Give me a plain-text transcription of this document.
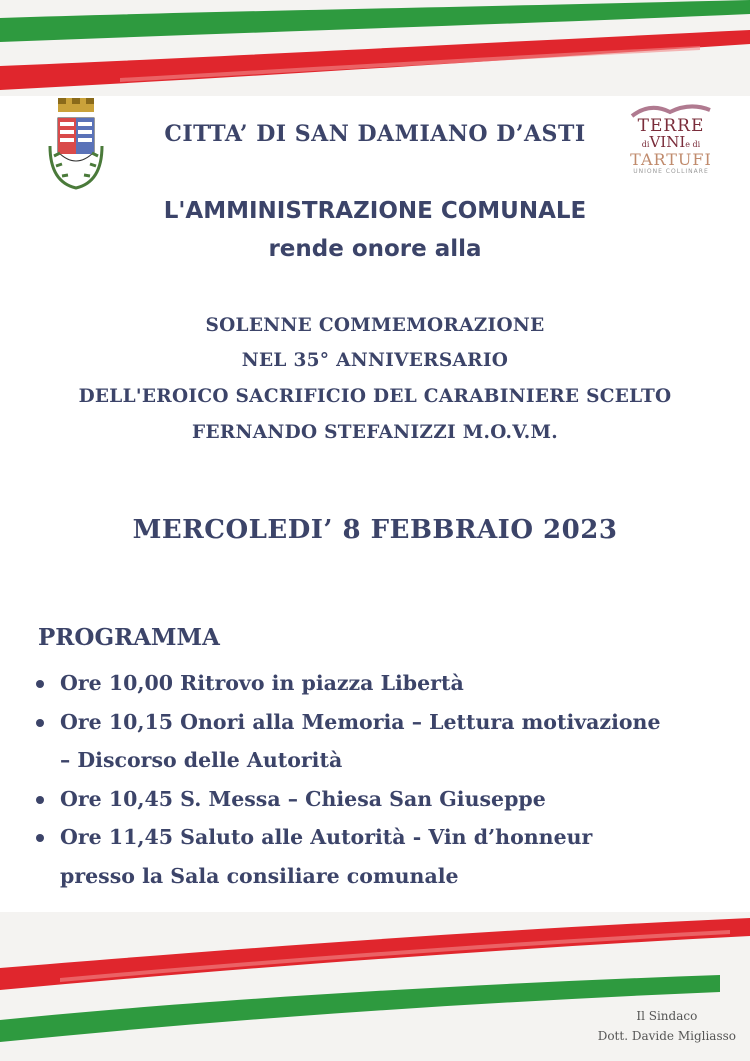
TERRE
diVINIe di
TARTUFI
UNIONE COLLINARE
CITTA’ DI SAN DAMIANO D’ASTI
L'AMMINISTRAZIONE COMUNALE
rende onore alla
SOLENNE COMMEMORAZIONE
NEL 35° ANNIVERSARIO
DELL'EROICO SACRIFICIO DEL CARABINIERE SCELTO
FERNANDO STEFANIZZI M.O.V.M.
MERCOLEDI’ 8 FEBBRAIO 2023
PROGRAMMA
Ore 10,00 Ritrovo in piazza Libertà
Ore 10,15 Onori alla Memoria – Lettura motivazione
– Discorso delle Autorità
Ore 10,45 S. Messa – Chiesa San Giuseppe
Ore 11,45 Saluto alle Autorità - Vin d’honneur
presso la Sala consiliare comunale
Il Sindaco
Dott. Davide Migliasso
